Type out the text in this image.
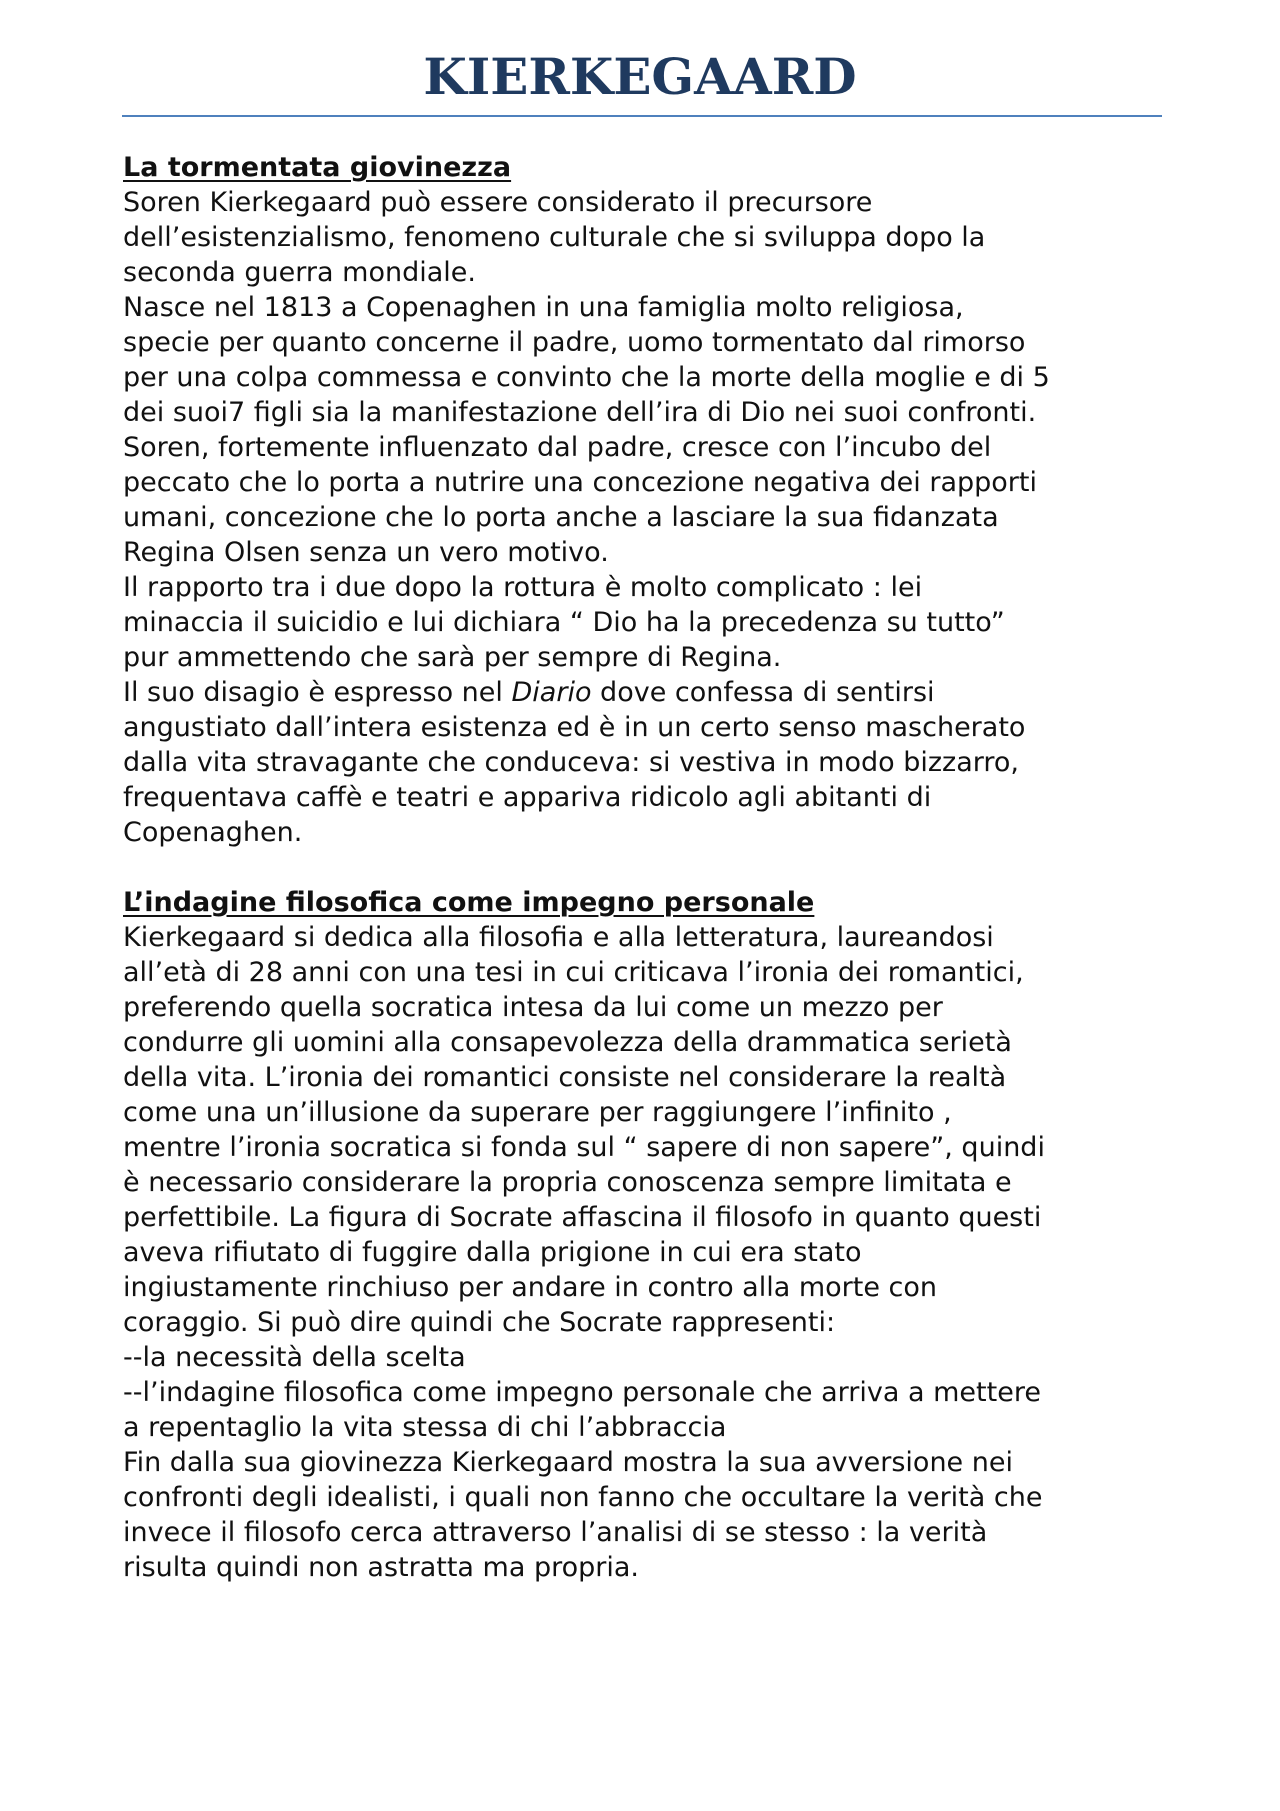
KIERKEGAARD
La tormentata giovinezza
Soren Kierkegaard può essere considerato il precursore
dell’esistenzialismo, fenomeno culturale che si sviluppa dopo la
seconda guerra mondiale.
Nasce nel 1813 a Copenaghen in una famiglia molto religiosa,
specie per quanto concerne il padre, uomo tormentato dal rimorso
per una colpa commessa e convinto che la morte della moglie e di 5
dei suoi7 figli sia la manifestazione dell’ira di Dio nei suoi confronti.
Soren, fortemente influenzato dal padre, cresce con l’incubo del
peccato che lo porta a nutrire una concezione negativa dei rapporti
umani, concezione che lo porta anche a lasciare la sua fidanzata
Regina Olsen senza un vero motivo.
Il rapporto tra i due dopo la rottura è molto complicato : lei
minaccia il suicidio e lui dichiara “ Dio ha la precedenza su tutto”
pur ammettendo che sarà per sempre di Regina.
Il suo disagio è espresso nel Diario dove confessa di sentirsi
angustiato dall’intera esistenza ed è in un certo senso mascherato
dalla vita stravagante che conduceva: si vestiva in modo bizzarro,
frequentava caffè e teatri e appariva ridicolo agli abitanti di
Copenaghen.
L’indagine filosofica come impegno personale
Kierkegaard si dedica alla filosofia e alla letteratura, laureandosi
all’età di 28 anni con una tesi in cui criticava l’ironia dei romantici,
preferendo quella socratica intesa da lui come un mezzo per
condurre gli uomini alla consapevolezza della drammatica serietà
della vita. L’ironia dei romantici consiste nel considerare la realtà
come una un’illusione da superare per raggiungere l’infinito ,
mentre l’ironia socratica si fonda sul “ sapere di non sapere”, quindi
è necessario considerare la propria conoscenza sempre limitata e
perfettibile. La figura di Socrate affascina il filosofo in quanto questi
aveva rifiutato di fuggire dalla prigione in cui era stato
ingiustamente rinchiuso per andare in contro alla morte con
coraggio. Si può dire quindi che Socrate rappresenti:
--la necessità della scelta
--l’indagine filosofica come impegno personale che arriva a mettere
a repentaglio la vita stessa di chi l’abbraccia
Fin dalla sua giovinezza Kierkegaard mostra la sua avversione nei
confronti degli idealisti, i quali non fanno che occultare la verità che
invece il filosofo cerca attraverso l’analisi di se stesso : la verità
risulta quindi non astratta ma propria.
